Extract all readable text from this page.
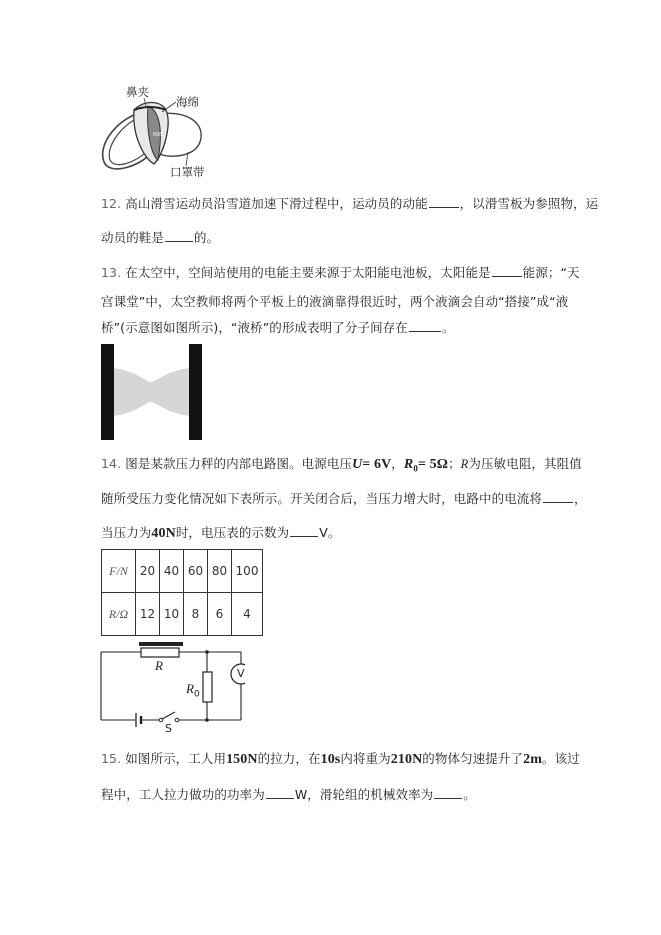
N95
鼻夹
海绵
口罩带
12. 高山滑雪运动员沿雪道加速下滑过程中，运动员的动能	，以滑雪板为参照物，运
动员的鞋是 的。
13. 在太空中，空间站使用的电能主要来源于太阳能电池板，太阳能是	能源；“天
宫课堂”中，太空教师将两个平板上的液滴靠得很近时，两个液滴会自动“搭接”成“液
桥”(示意图如图所示)，“液桥”的形成表明了分子间存在	。
14. 图是某款压力秤的内部电路图。电源电压U= 6V，$R_0= 5\Omega$；R为压敏电阻，其阻值
随所受压力变化情况如下表所示。开关闭合后，当压力增大时，电路中的电流将	，
当压力为40N时，电压表的示数为 V。
F/N	20	40	60	80	100
R/Ω	12	10	8	6	4
R
$R_0$
V
S
15. 如图所示，工人用150N的拉力，在10s内将重为210N的物体匀速提升了2m。该过
程中，工人拉力做功的功率为 W，滑轮组的机械效率为 。
